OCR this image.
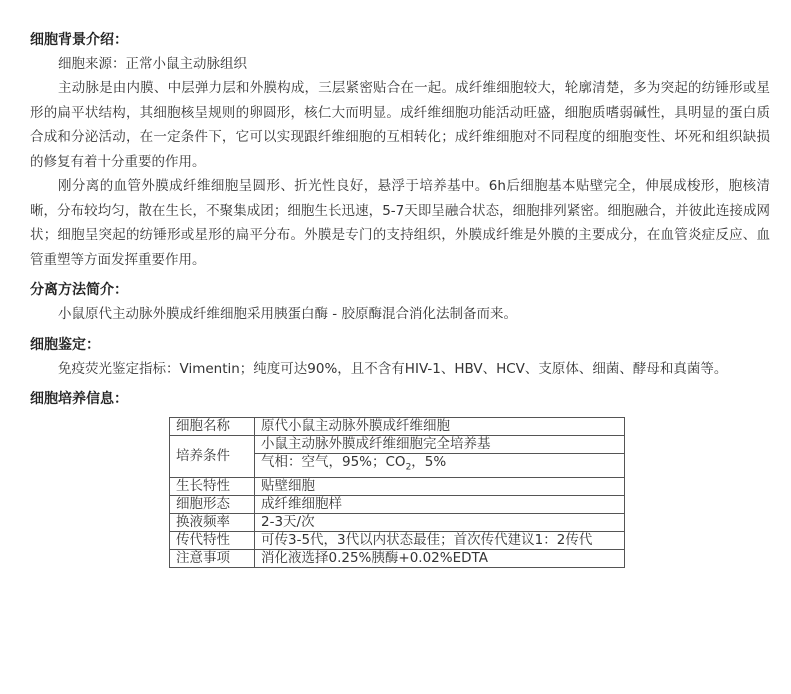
细胞背景介绍：

细胞来源：正常小鼠主动脉组织

主动脉是由内膜、中层弹力层和外膜构成，三层紧密贴合在一起。成纤维细胞较大，轮廓清楚，多为突起的纺锤形或星形的扁平状结构，其细胞核呈规则的卵圆形，核仁大而明显。成纤维细胞功能活动旺盛，细胞质嗜弱碱性，具明显的蛋白质合成和分泌活动，在一定条件下，它可以实现跟纤维细胞的互相转化；成纤维细胞对不同程度的细胞变性、坏死和组织缺损的修复有着十分重要的作用。

刚分离的血管外膜成纤维细胞呈圆形、折光性良好，悬浮于培养基中。6h后细胞基本贴壁完全，伸展成梭形，胞核清晰，分布较均匀，散在生长，不聚集成团；细胞生长迅速，5-7天即呈融合状态，细胞排列紧密。细胞融合，并彼此连接成网状；细胞呈突起的纺锤形或星形的扁平分布。外膜是专门的支持组织，外膜成纤维是外膜的主要成分，在血管炎症反应、血管重塑等方面发挥重要作用。

分离方法简介：

小鼠原代主动脉外膜成纤维细胞采用胰蛋白酶 - 胶原酶混合消化法制备而来。

细胞鉴定：

免疫荧光鉴定指标：Vimentin；纯度可达90%，且不含有HIV-1、HBV、HCV、支原体、细菌、酵母和真菌等。

细胞培养信息：

细胞名称	原代小鼠主动脉外膜成纤维细胞
培养条件	小鼠主动脉外膜成纤维细胞完全培养基
	气相：空气，95%；$CO_2$，5%
生长特性	贴壁细胞
细胞形态	成纤维细胞样
换液频率	2-3天/次
传代特性	可传3-5代，3代以内状态最佳；首次传代建议1：2传代
注意事项	消化液选择0.25%胰酶+0.02%EDTA
